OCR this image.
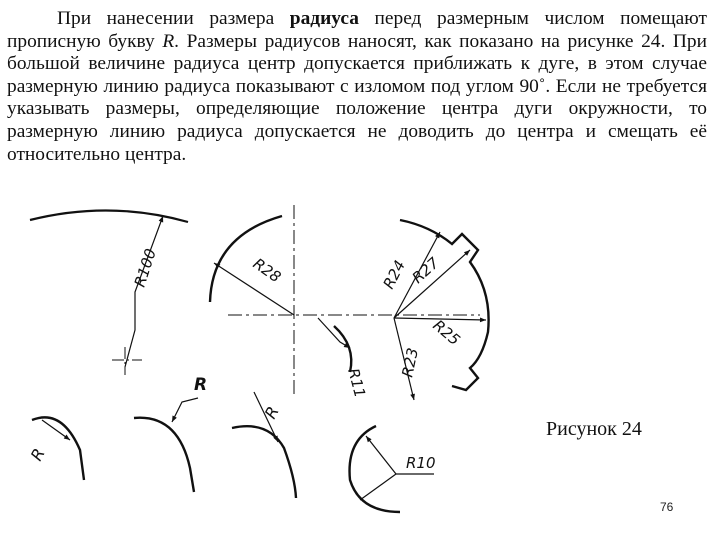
При нанесении размера радиуса перед размерным числом помещают прописную букву R. Размеры радиусов наносят, как показано на рисунке 24. При большой величине радиуса центр допускается приближать к дуге, в этом случае размерную линию радиуса показывают с изломом под углом 90˚. Если не требуется указывать размеры, определяющие положение центра дуги окружности, то размерную линию радиуса допускается не доводить до центра и смещать её относительно центра.

R100	R28	R24 R27
R25
R23
R11
R10
R
R
R

Рисунок 24

76
